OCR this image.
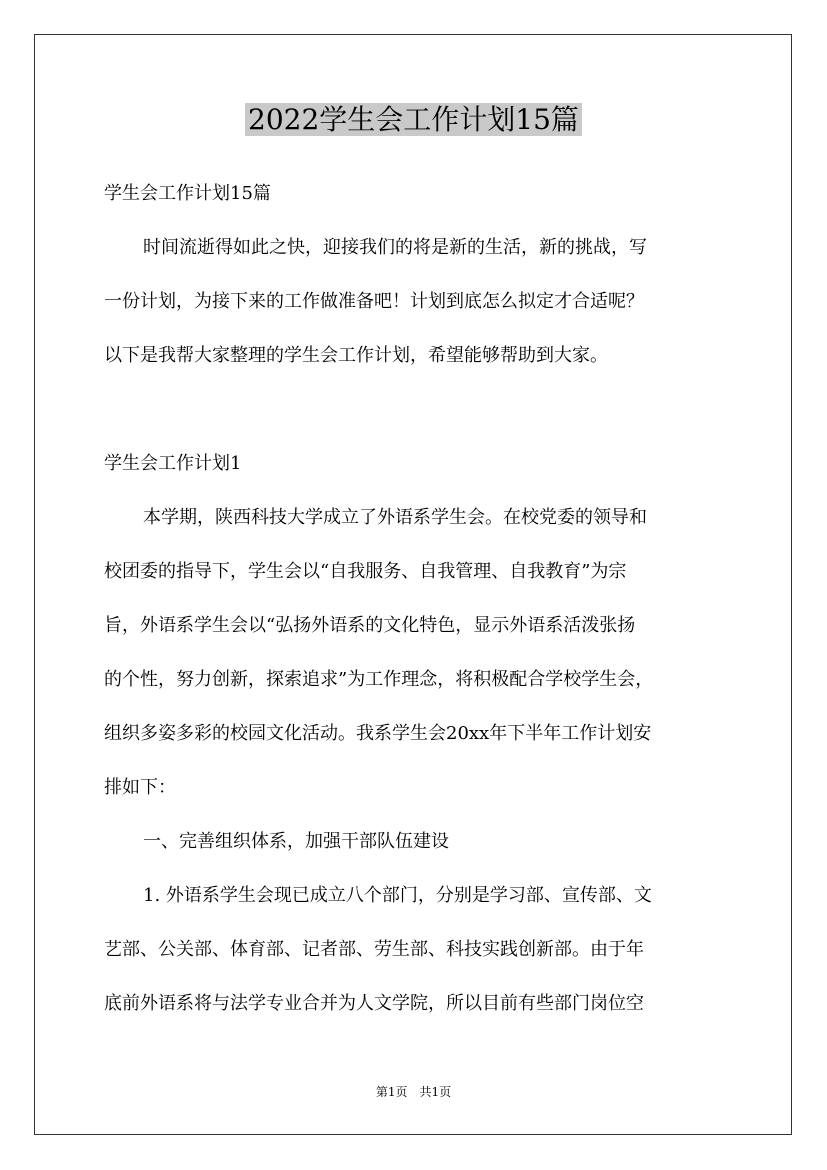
2022学生会工作计划15篇
学生会工作计划15篇
时间流逝得如此之快，迎接我们的将是新的生活，新的挑战，写
一份计划，为接下来的工作做准备吧！计划到底怎么拟定才合适呢？
以下是我帮大家整理的学生会工作计划，希望能够帮助到大家。
学生会工作计划1
本学期，陕西科技大学成立了外语系学生会。在校党委的领导和
校团委的指导下，学生会以“自我服务、自我管理、自我教育”为宗
旨，外语系学生会以“弘扬外语系的文化特色，显示外语系活泼张扬
的个性，努力创新，探索追求”为工作理念，将积极配合学校学生会，
组织多姿多彩的校园文化活动。我系学生会20xx年下半年工作计划安
排如下：
一、完善组织体系，加强干部队伍建设
1. 外语系学生会现已成立八个部门，分别是学习部、宣传部、文
艺部、公关部、体育部、记者部、劳生部、科技实践创新部。由于年
底前外语系将与法学专业合并为人文学院，所以目前有些部门岗位空
第1页　共1页
